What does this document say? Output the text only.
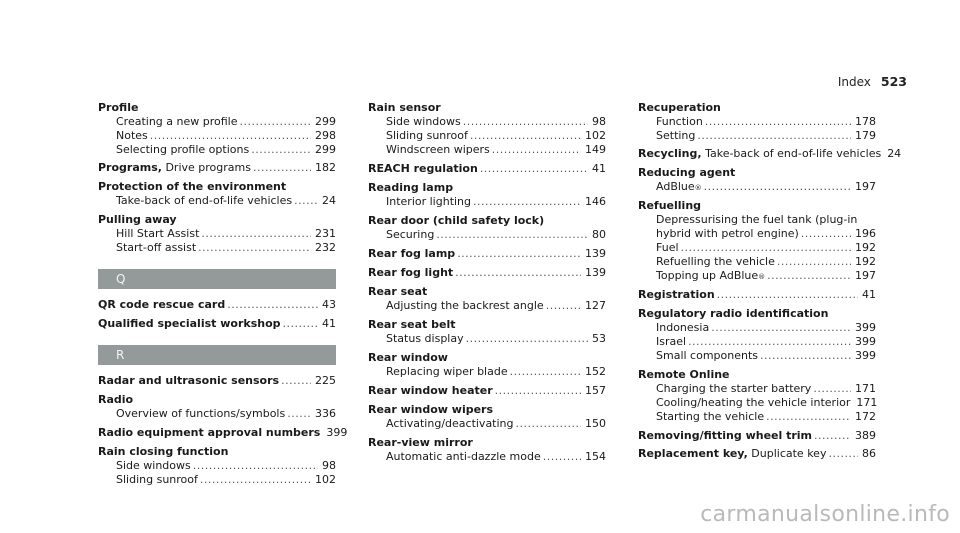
Index 523
Profile
Creating a new profile .....	299
Notes .....	298
Selecting profile options .....	299
Programs, Drive programs .....	182
Protection of the environment
Take-back of end-of-life vehicles .....	24
Pulling away
Hill Start Assist .....	231
Start-off assist .....	232
Q
QR code rescue card .....	43
Qualified specialist workshop .....	41
R
Radar and ultrasonic sensors .....	225
Radio
Overview of functions/symbols .....	336
Radio equipment approval numbers 399
Rain closing function
Side windows .....	98
Sliding sunroof .....	102
Rain sensor
Side windows .....	98
Sliding sunroof .....	102
Windscreen wipers .....	149
REACH regulation .....	41
Reading lamp
Interior lighting .....	146
Rear door (child safety lock)
Securing .....	80
Rear fog lamp .....	139
Rear fog light .....	139
Rear seat
Adjusting the backrest angle .....	127
Rear seat belt
Status display .....	53
Rear window
Replacing wiper blade .....	152
Rear window heater .....	157
Rear window wipers
Activating/deactivating .....	150
Rear-view mirror
Automatic anti-dazzle mode .....	154
Recuperation
Function .....	178
Setting .....	179
Recycling, Take-back of end-of-life vehicles 24
Reducing agent
AdBlue ® .....	197
Refuelling
Depressurising the fuel tank (plug-in
hybrid with petrol engine) .....	196
Fuel .....	192
Refuelling the vehicle .....	192
Topping up AdBlue ® .....	197
Registration .....	41
Regulatory radio identification
Indonesia .....	399
Israel .....	399
Small components .....	399
Remote Online
Charging the starter battery .....	171
Cooling/heating the vehicle interior 171
Starting the vehicle .....	172
Removing/fitting wheel trim .....	389
Replacement key, Duplicate key .....	86
carmanualsonline.info
